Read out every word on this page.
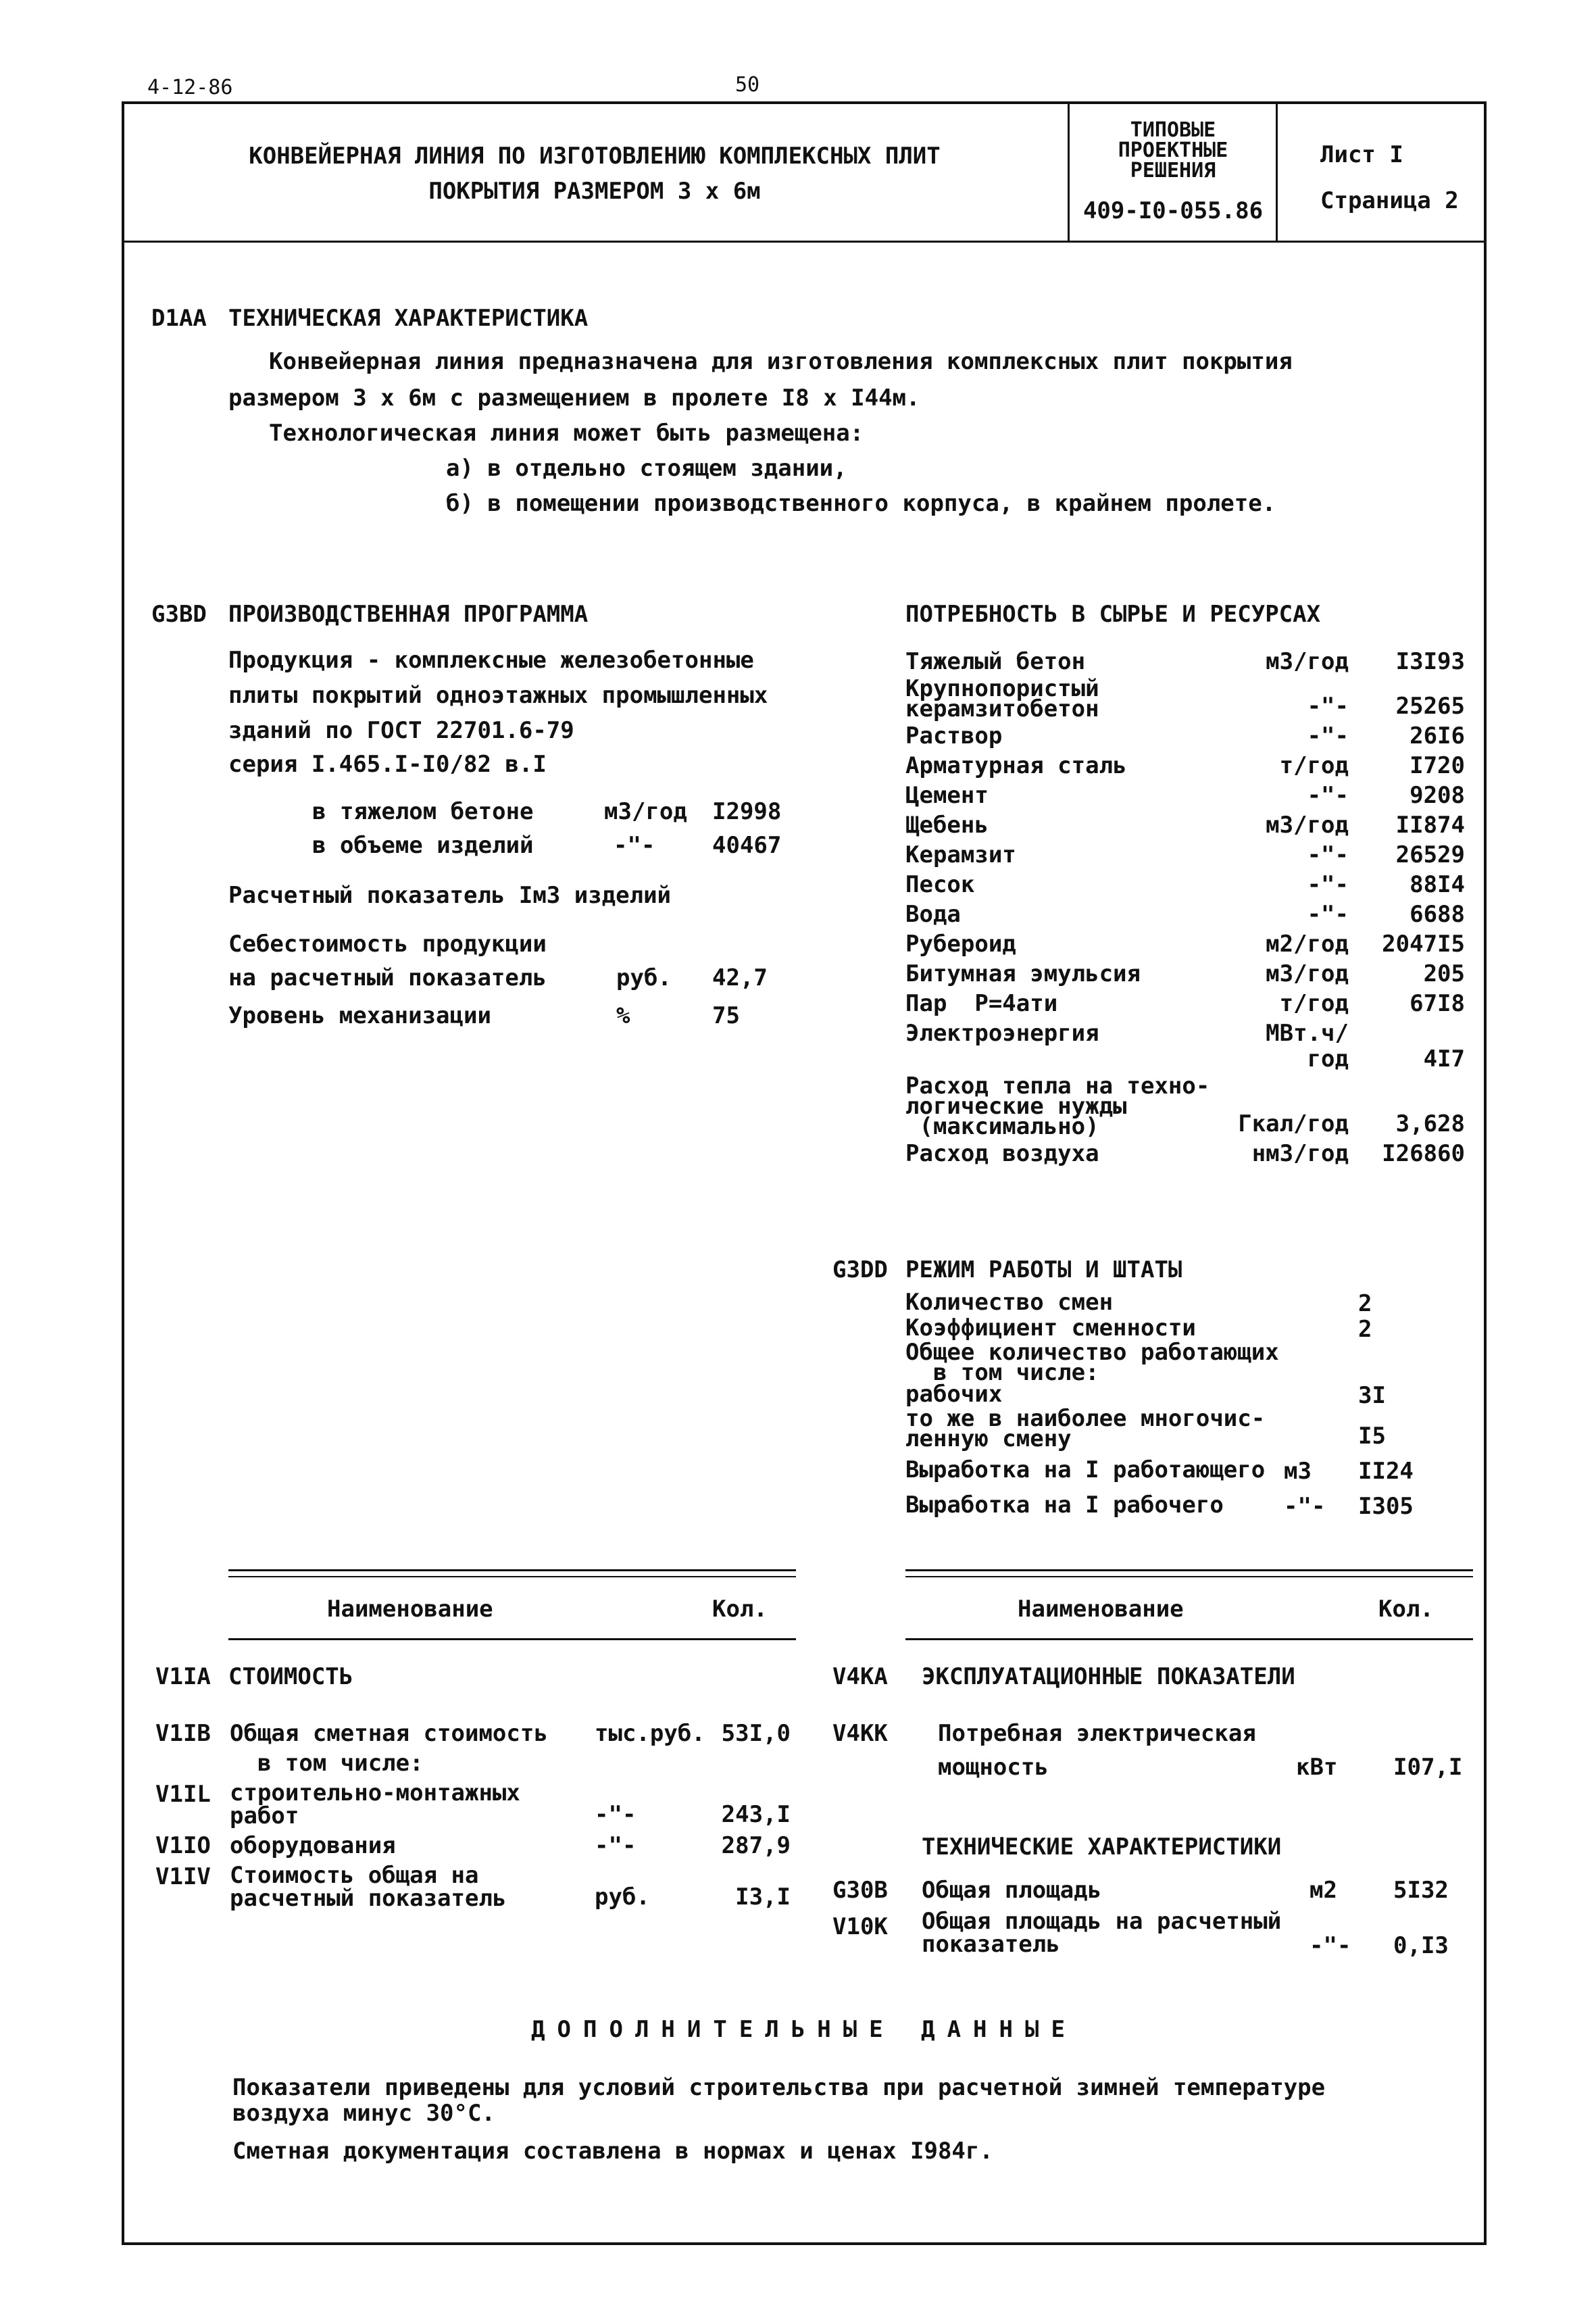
4-12-86	50
КОНВЕЙЕРНАЯ ЛИНИЯ ПО ИЗГОТОВЛЕНИЮ КОМПЛЕКСНЫХ ПЛИТ
ПОКРЫТИЯ РАЗМЕРОМ 3 х 6м
ТИПОВЫЕ
ПРОЕКТНЫЕ
РЕШЕНИЯ
409-I0-055.86
Лист I
Страница 2
D1AA ТЕХНИЧЕСКАЯ ХАРАКТЕРИСТИКА
Конвейерная линия предназначена для изготовления комплексных плит покрытия
размером 3 х 6м с размещением в пролете I8 х I44м.
Технологическая линия может быть размещена:
а) в отдельно стоящем здании,
б) в помещении производственного корпуса, в крайнем пролете.
G3BD ПРОИЗВОДСТВЕННАЯ ПРОГРАММА
Продукция - комплексные железобетонные
плиты покрытий одноэтажных промышленных
зданий по ГОСТ 22701.6-79
серия I.465.I-I0/82 в.I
в тяжелом бетоне	м3/год I2998
в объеме изделий	-"- 40467
Расчетный показатель Iм3 изделий
Себестоимость продукции
на расчетный показатель	руб. 42,7
Уровень механизации	%	75
ПОТРЕБНОСТЬ В СЫРЬЕ И РЕСУРСАХ
Тяжелый бетон	м3/год	I3I93
Крупнопористый
керамзитобетон	-"-	25265
Раствор	-"-	26I6
Арматурная сталь	т/год	I720
Цемент	-"-	9208
Щебень	м3/год	II874
Керамзит	-"-	26529
Песок	-"-	88I4
Вода	-"-	6688
Рубероид	м2/год	2047I5
Битумная эмульсия	м3/год	205
Пар  Р=4ати	т/год	67I8
Электроэнергия	МВт.ч/год	4I7
Расход тепла на техно-
логические нужды
(максимально)	Гкал/год	3,628
Расход воздуха	нм3/год	I26860
G3DD РЕЖИМ РАБОТЫ И ШТАТЫ
Количество смен	2
Коэффициент сменности	2
Общее количество работающих
в том числе:
рабочих	3I
то же в наиболее многочис-
ленную смену	I5
Выработка на I работающего м3	II24
Выработка на I рабочего	-"-	I305
Наименование	Кол.	Наименование	Кол.
V1IA СТОИМОСТЬ
V1IB Общая сметная стоимость	тыс.руб. 53I,0
в том числе:
V1IL строительно-монтажных
работ	-"-	243,I
V1IO оборудования	-"-	287,9
V1IV Стоимость общая на
расчетный показатель	руб.	I3,I
V4KA ЭКСПЛУАТАЦИОННЫЕ ПОКАЗАТЕЛИ
V4KK Потребная электрическая
мощность	кВт I07,I
ТЕХНИЧЕСКИЕ ХАРАКТЕРИСТИКИ
G30B Общая площадь	м2 5I32
V10K Общая площадь на расчетный
показатель	-"- 0,I3
ДОПОЛНИТЕЛЬНЫЕ ДАННЫЕ
Показатели приведены для условий строительства при расчетной зимней температуре
воздуха минус 30°С.
Сметная документация составлена в нормах и ценах I984г.
